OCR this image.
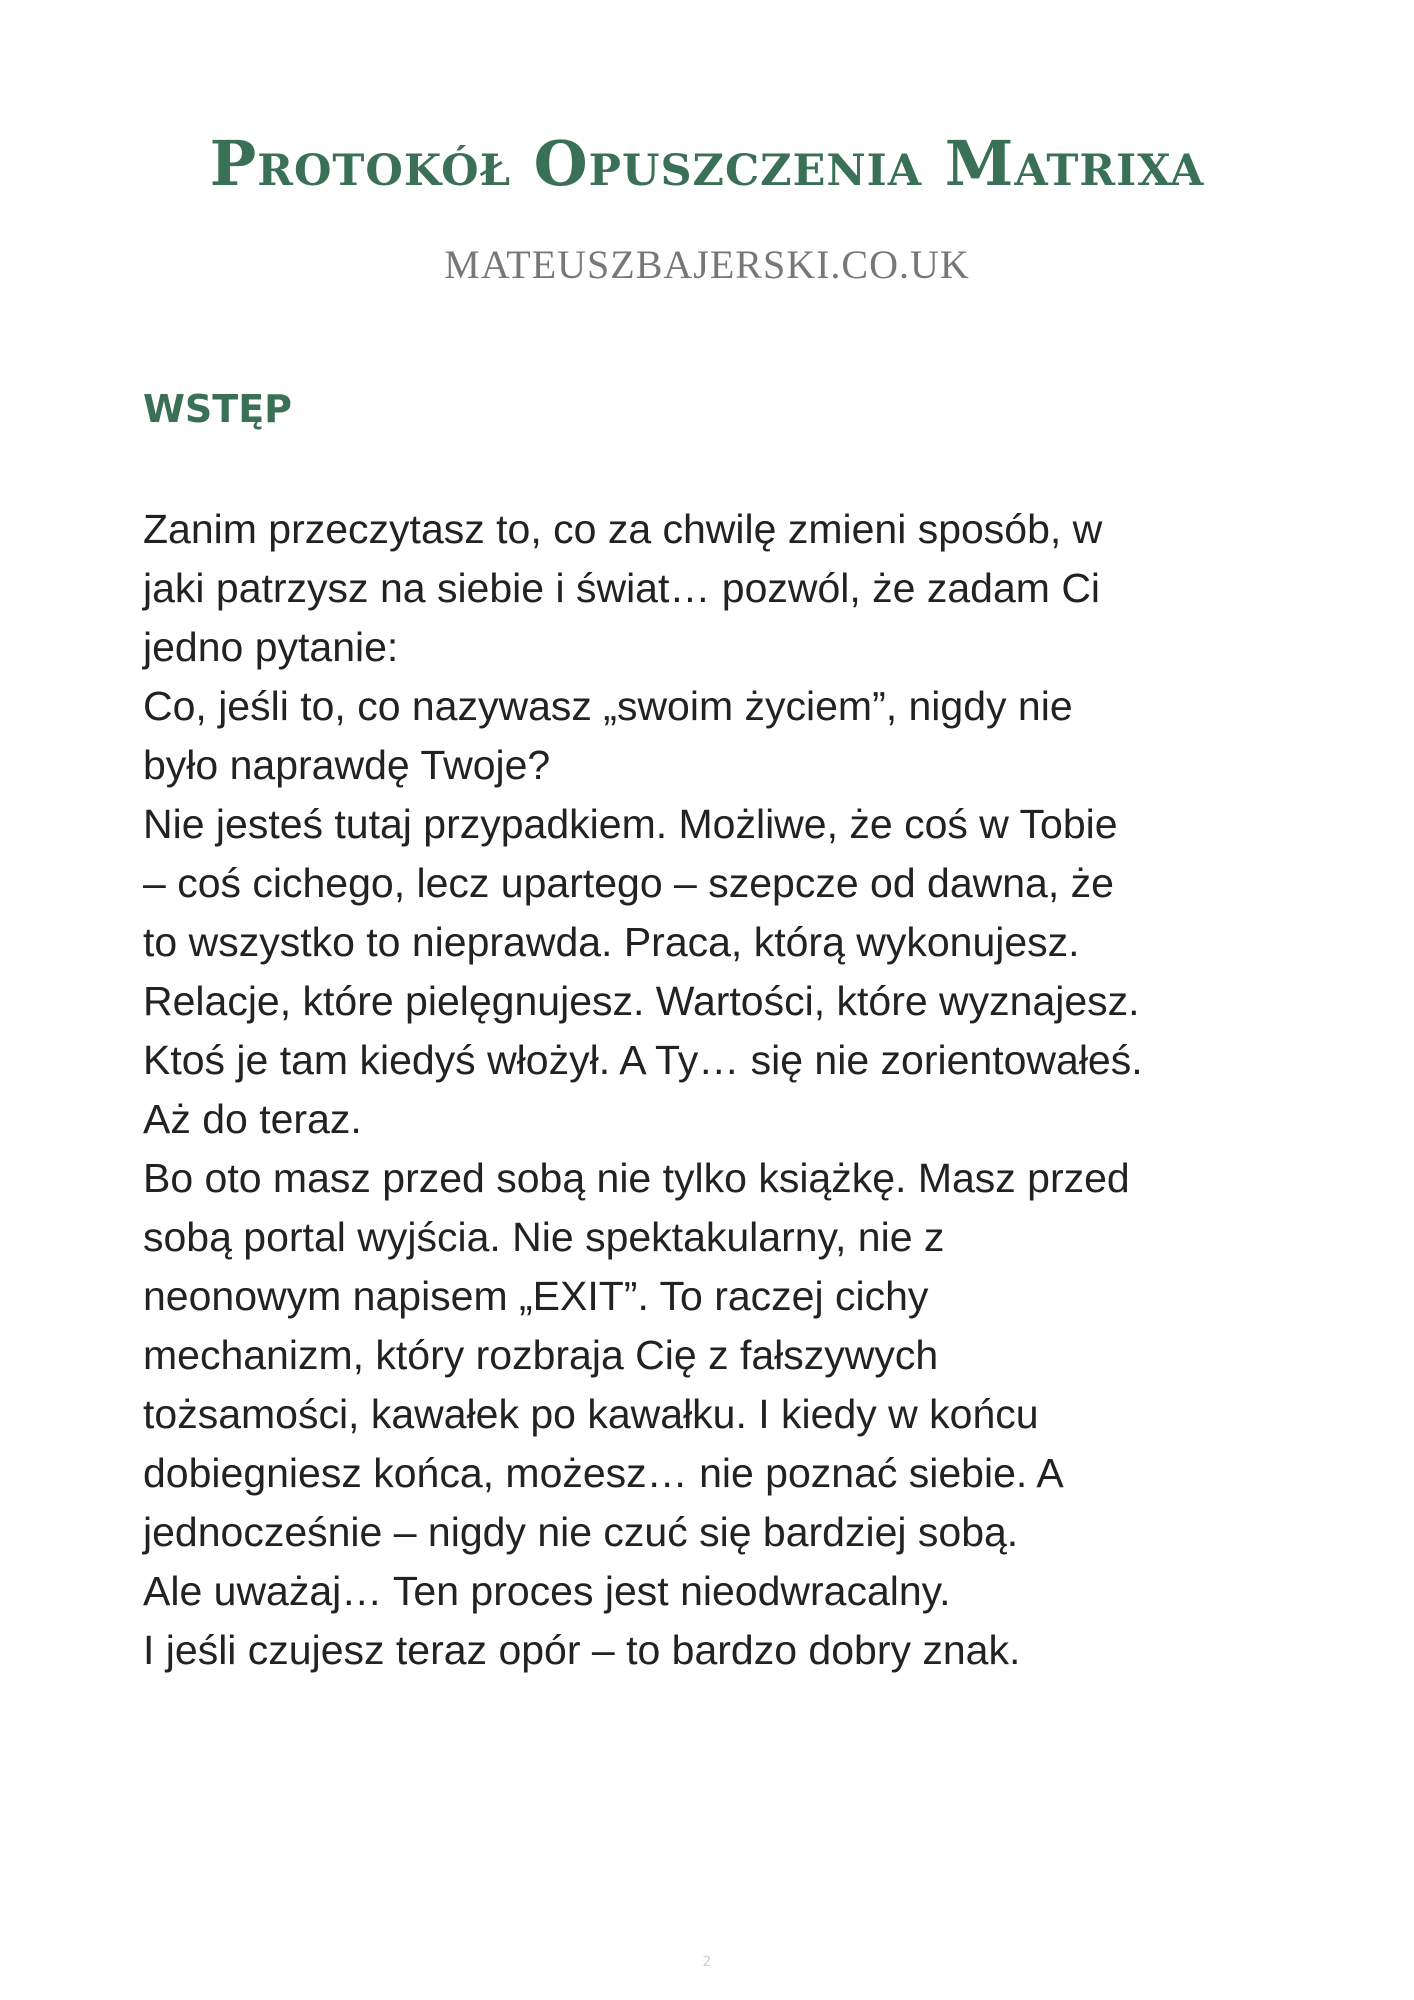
Protokół Opuszczenia Matrixa
MATEUSZBAJERSKI.CO.UK
WSTĘP
Zanim przeczytasz to, co za chwilę zmieni sposób, w
jaki patrzysz na siebie i świat… pozwól, że zadam Ci
jedno pytanie:
Co, jeśli to, co nazywasz „swoim życiem”, nigdy nie
było naprawdę Twoje?
Nie jesteś tutaj przypadkiem. Możliwe, że coś w Tobie
– coś cichego, lecz upartego – szepcze od dawna, że
to wszystko to nieprawda. Praca, którą wykonujesz.
Relacje, które pielęgnujesz. Wartości, które wyznajesz.
Ktoś je tam kiedyś włożył. A Ty… się nie zorientowałeś.
Aż do teraz.
Bo oto masz przed sobą nie tylko książkę. Masz przed
sobą portal wyjścia. Nie spektakularny, nie z
neonowym napisem „EXIT”. To raczej cichy
mechanizm, który rozbraja Cię z fałszywych
tożsamości, kawałek po kawałku. I kiedy w końcu
dobiegniesz końca, możesz… nie poznać siebie. A
jednocześnie – nigdy nie czuć się bardziej sobą.
Ale uważaj… Ten proces jest nieodwracalny.
I jeśli czujesz teraz opór – to bardzo dobry znak.
2
